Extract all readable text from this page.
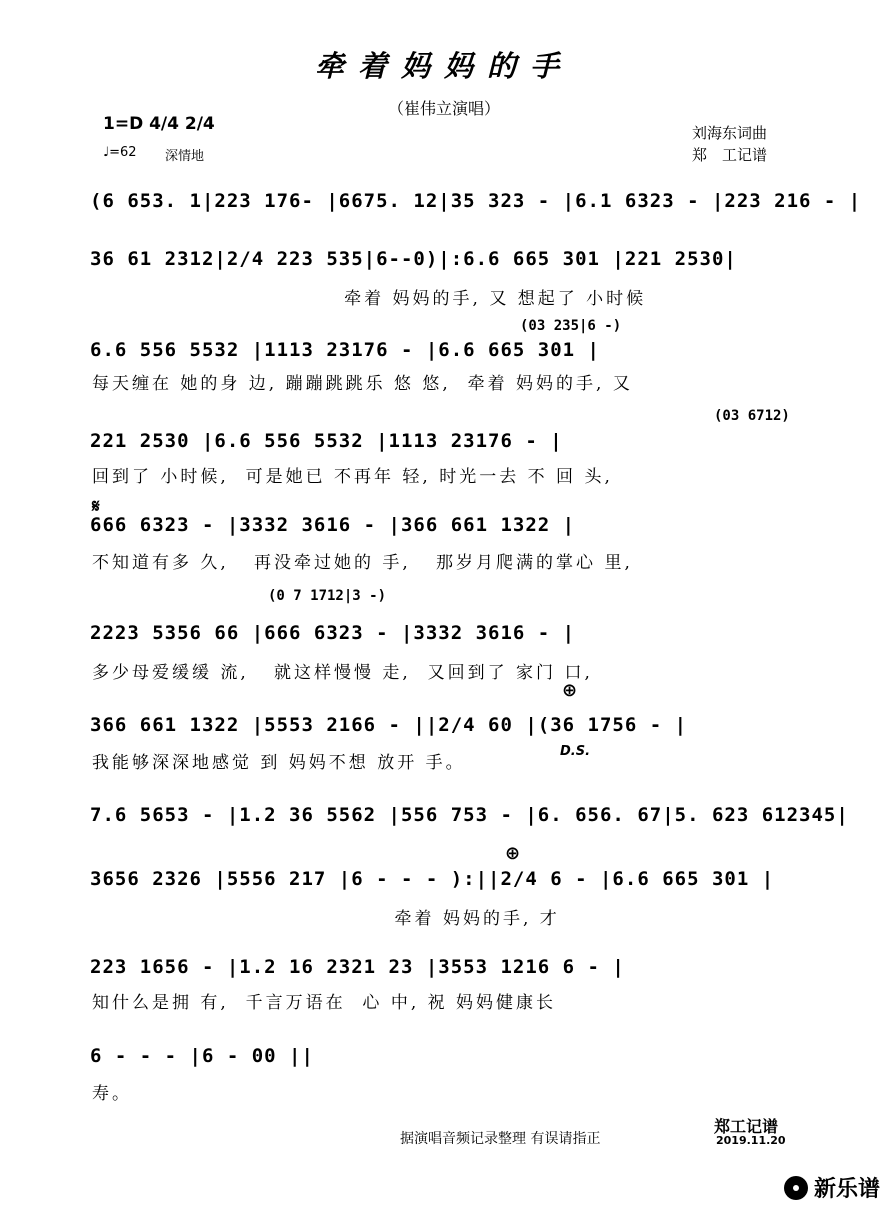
牵着妈妈的手
（崔伟立演唱）
1=D 4/4 2/4
♩=62 深情地
刘海东词曲
郑　工记谱
(6 653. 1|223 176- |6675. 12|35 323 - |6.1 6323 - |223 216 - |
36 61 2312|2/4 223 535|6--0)|:6.6 665 301 |221 2530|
牵着 妈妈的手, 又 想起了 小时候
6.6 556 5532 |1113 23176 - |6.6 665 301 |
每天缠在 她的身 边, 蹦蹦跳跳乐 悠 悠,  牵着 妈妈的手, 又
221 2530 |6.6 556 5532 |1113 23176 - |
回到了 小时候,  可是她已 不再年 轻, 时光一去 不 回 头,
666 6323 - |3332 3616 - |366 661 1322 |
不知道有多 久,   再没牵过她的 手,   那岁月爬满的掌心 里,
2223 5356 66 |666 6323 - |3332 3616 - |
多少母爱缓缓 流,   就这样慢慢 走,  又回到了 家门 口,
366 661 1322 |5553 2166 - ||2/4 60 |(36 1756 - |
我能够深深地感觉 到 妈妈不想 放开 手。
7.6 5653 - |1.2 36 5562 |556 753 - |6. 656. 67|5. 623 612345|
3656 2326 |5556 217 |6 - - - ):||2/4 6 - |6.6 665 301 |
牵着 妈妈的手, 才
223 1656 - |1.2 16 2321 23 |3553 1216 6 - |
知什么是拥 有,  千言万语在  心 中, 祝 妈妈健康长
6 - - - |6 - 00 ||
寿。
(03 235|6 -)
(03 6712)
(0 7 1712|3 -)
𝄋
⊕
⊕
D.S.
据演唱音频记录整理 有误请指正
郑工记谱
2019.11.20
新乐谱
